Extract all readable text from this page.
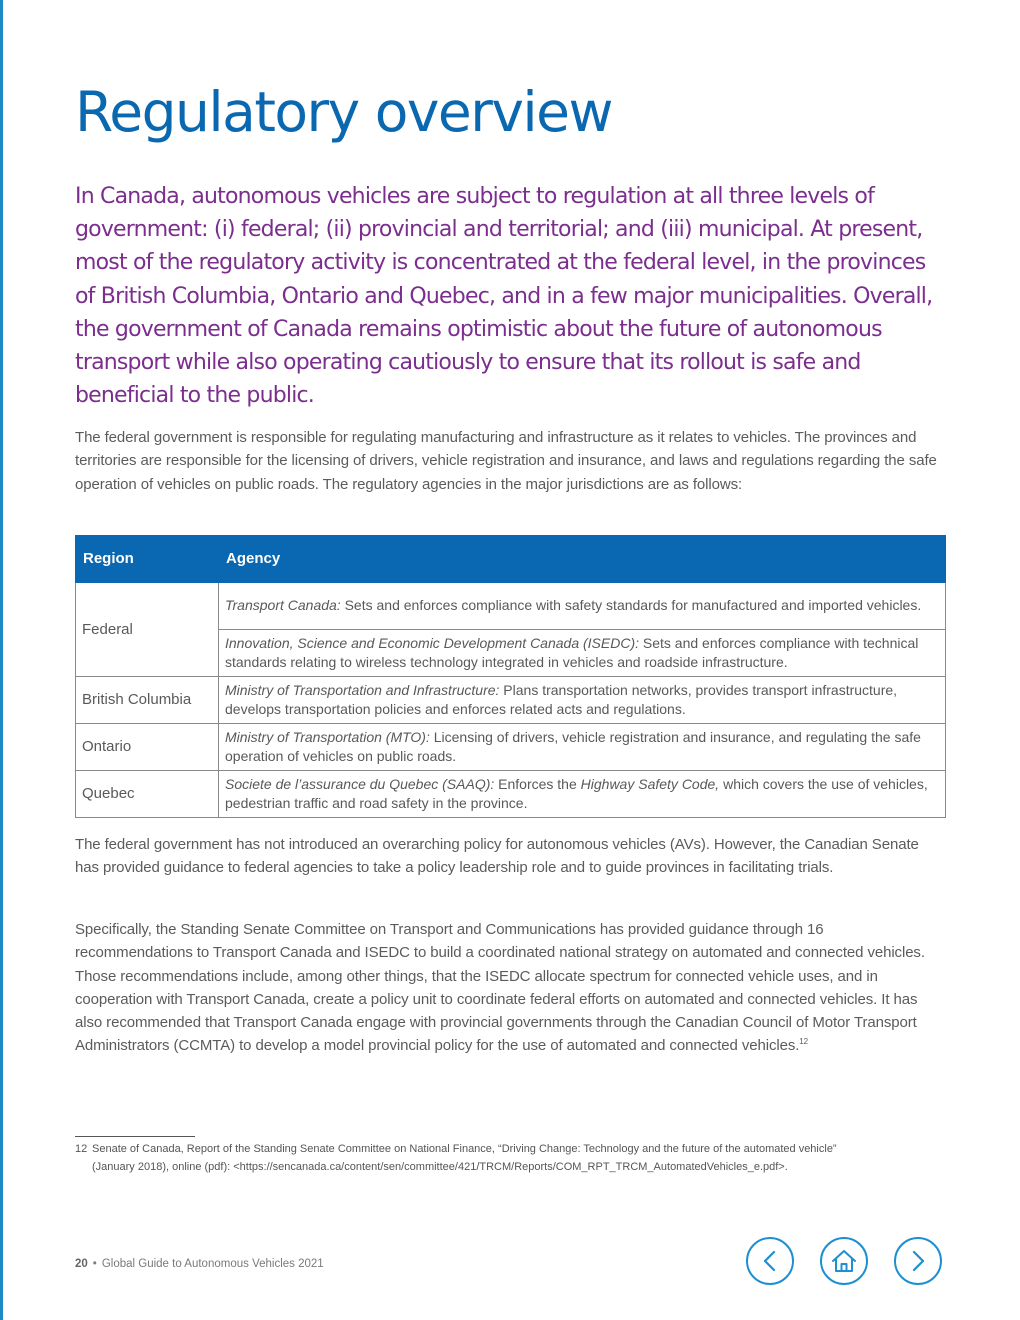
Regulatory overview

In Canada, autonomous vehicles are subject to regulation at all three levels of government: (i) federal; (ii) provincial and territorial; and (iii) municipal. At present, most of the regulatory activity is concentrated at the federal level, in the provinces of British Columbia, Ontario and Quebec, and in a few major municipalities. Overall, the government of Canada remains optimistic about the future of autonomous transport while also operating cautiously to ensure that its rollout is safe and beneficial to the public.

The federal government is responsible for regulating manufacturing and infrastructure as it relates to vehicles. The provinces and territories are responsible for the licensing of drivers, vehicle registration and insurance, and laws and regulations regarding the safe operation of vehicles on public roads. The regulatory agencies in the major jurisdictions are as follows:

Region	Agency
Federal	Transport Canada: Sets and enforces compliance with safety standards for manufactured and imported vehicles.
	Innovation, Science and Economic Development Canada (ISEDC): Sets and enforces compliance with technical standards relating to wireless technology integrated in vehicles and roadside infrastructure.
British Columbia	Ministry of Transportation and Infrastructure: Plans transportation networks, provides transport infrastructure, develops transportation policies and enforces related acts and regulations.
Ontario	Ministry of Transportation (MTO): Licensing of drivers, vehicle registration and insurance, and regulating the safe operation of vehicles on public roads.
Quebec	Societe de l’assurance du Quebec (SAAQ): Enforces the Highway Safety Code, which covers the use of vehicles, pedestrian traffic and road safety in the province.

The federal government has not introduced an overarching policy for autonomous vehicles (AVs). However, the Canadian Senate has provided guidance to federal agencies to take a policy leadership role and to guide provinces in facilitating trials.

Specifically, the Standing Senate Committee on Transport and Communications has provided guidance through 16 recommendations to Transport Canada and ISEDC to build a coordinated national strategy on automated and connected vehicles. Those recommendations include, among other things, that the ISEDC allocate spectrum for connected vehicle uses, and in cooperation with Transport Canada, create a policy unit to coordinate federal efforts on automated and connected vehicles. It has also recommended that Transport Canada engage with provincial governments through the Canadian Council of Motor Transport Administrators (CCMTA) to develop a model provincial policy for the use of automated and connected vehicles.$^{12}$

12 Senate of Canada, Report of the Standing Senate Committee on National Finance, “Driving Change: Technology and the future of the automated vehicle”
(January 2018), online (pdf): <https://sencanada.ca/content/sen/committee/421/TRCM/Reports/COM_RPT_TRCM_AutomatedVehicles_e.pdf>.

20 • Global Guide to Autonomous Vehicles 2021
